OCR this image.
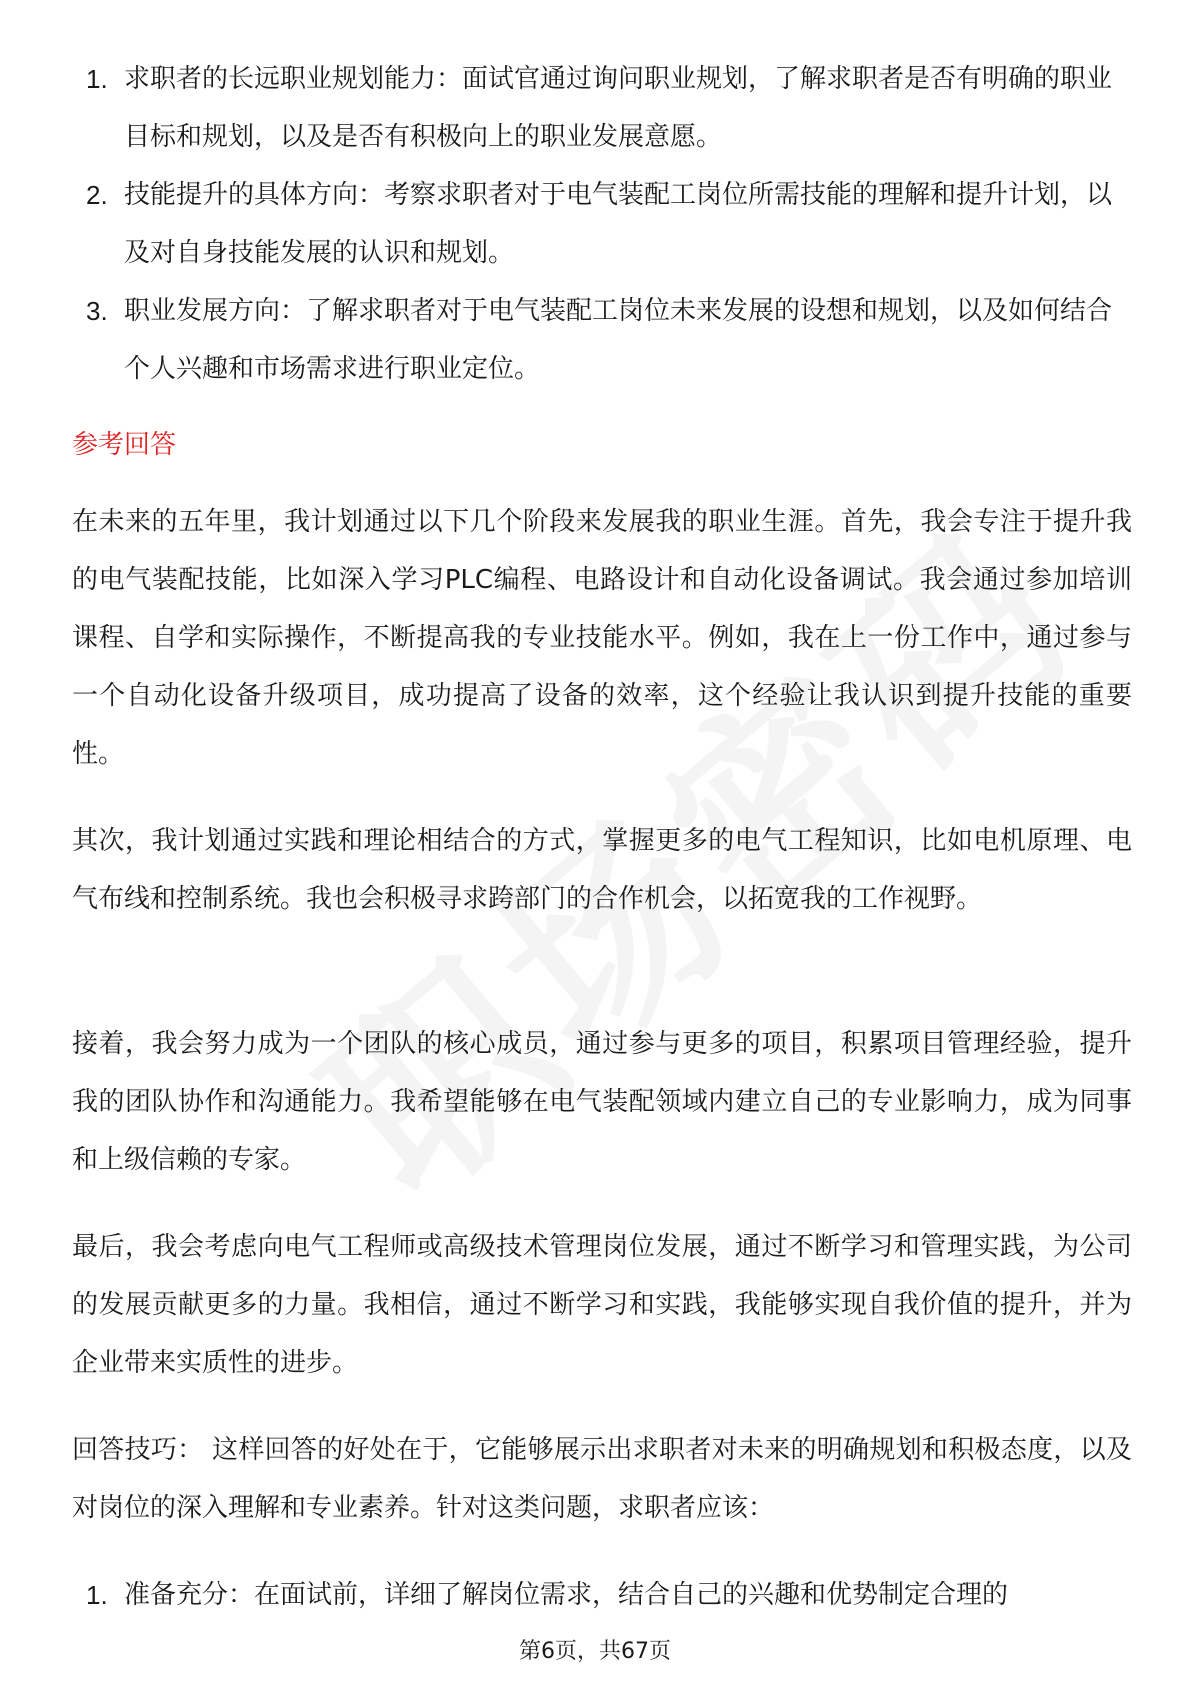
1. 求职者的长远职业规划能力：面试官通过询问职业规划，了解求职者是否有明确的职业目标和规划，以及是否有积极向上的职业发展意愿。
2. 技能提升的具体方向：考察求职者对于电气装配工岗位所需技能的理解和提升计划，以及对自身技能发展的认识和规划。
3. 职业发展方向：了解求职者对于电气装配工岗位未来发展的设想和规划，以及如何结合个人兴趣和市场需求进行职业定位。
参考回答

在未来的五年里，我计划通过以下几个阶段来发展我的职业生涯。首先，我会专注于提升我的电气装配技能，比如深入学习PLC编程、电路设计和自动化设备调试。我会通过参加培训课程、自学和实际操作，不断提高我的专业技能水平。例如，我在上一份工作中，通过参与一个自动化设备升级项目，成功提高了设备的效率，这个经验让我认识到提升技能的重要性。

其次，我计划通过实践和理论相结合的方式，掌握更多的电气工程知识，比如电机原理、电气布线和控制系统。我也会积极寻求跨部门的合作机会，以拓宽我的工作视野。

接着，我会努力成为一个团队的核心成员，通过参与更多的项目，积累项目管理经验，提升我的团队协作和沟通能力。我希望能够在电气装配领域内建立自己的专业影响力，成为同事和上级信赖的专家。

最后，我会考虑向电气工程师或高级技术管理岗位发展，通过不断学习和管理实践，为公司的发展贡献更多的力量。我相信，通过不断学习和实践，我能够实现自我价值的提升，并为企业带来实质性的进步。

回答技巧： 这样回答的好处在于，它能够展示出求职者对未来的明确规划和积极态度，以及对岗位的深入理解和专业素养。针对这类问题，求职者应该：

1. 准备充分：在面试前，详细了解岗位需求，结合自己的兴趣和优势制定合理的
第6页，共67页
